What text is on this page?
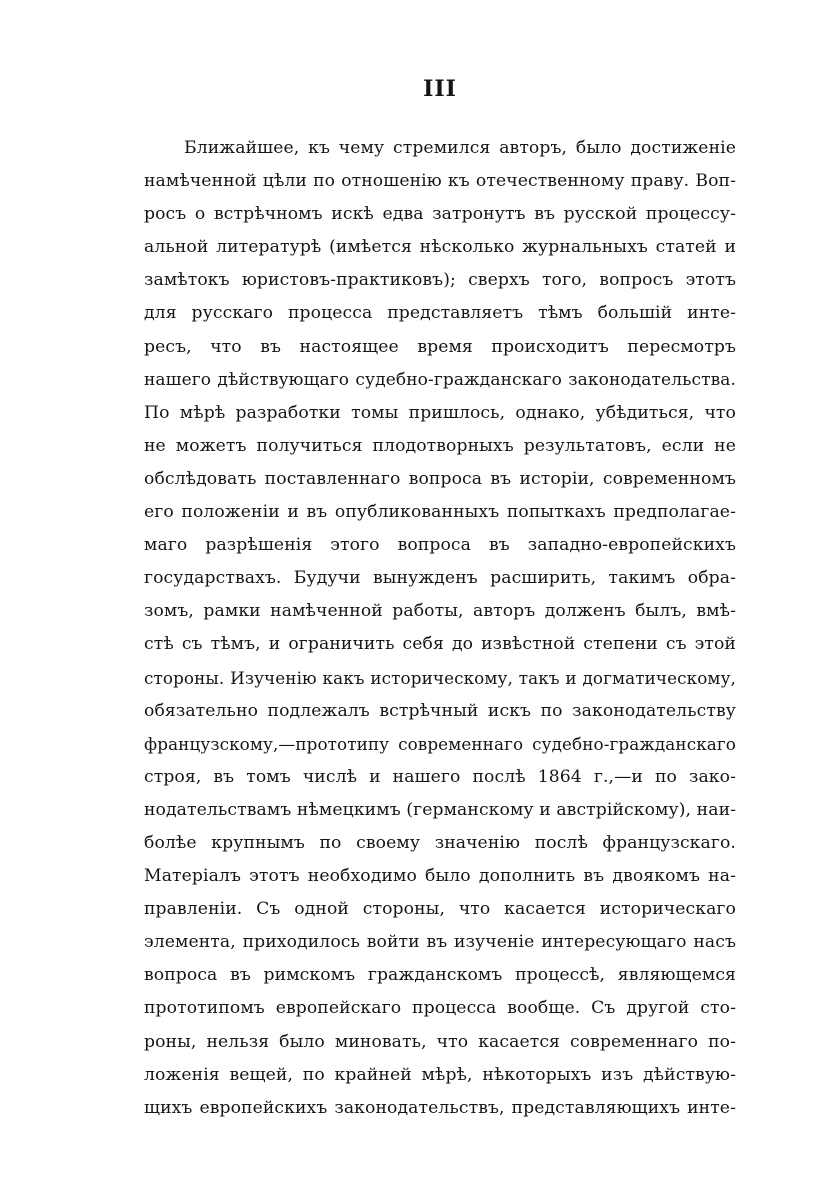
III
Ближайшее, къ чему стремился авторъ, было достиженіе
намѣченной цѣли по отношенію къ отечественному праву. Воп-
росъ о встрѣчномъ искѣ едва затронутъ въ русской процессу-
альной литературѣ (имѣется нѣсколько журнальныхъ статей и
замѣтокъ юристовъ-практиковъ); сверхъ того, вопросъ этотъ
для русскаго процесса представляетъ тѣмъ большій инте-
ресъ, что въ настоящее время происходитъ пересмотръ
нашего дѣйствующаго судебно-гражданскаго законодательства.
По мѣрѣ разработки томы пришлось, однако, убѣдиться, что
не можетъ получиться плодотворныхъ результатовъ, если не
обслѣдовать поставленнаго вопроса въ исторіи, современномъ
его положеніи и въ опубликованныхъ попыткахъ предполагае-
маго разрѣшенія этого вопроса въ западно-европейскихъ
государствахъ. Будучи вынужденъ расширить, такимъ обра-
зомъ, рамки намѣченной работы, авторъ долженъ былъ, вмѣ-
стѣ съ тѣмъ, и ограничить себя до извѣстной степени съ этой
стороны. Изученію какъ историческому, такъ и догматическому,
обязательно подлежалъ встрѣчный искъ по законодательству
французскому,—прототипу современнаго судебно-гражданскаго
строя, въ томъ числѣ и нашего послѣ 1864 г.,—и по зако-
нодательствамъ нѣмецкимъ (германскому и австрійскому), наи-
болѣе крупнымъ по своему значенію послѣ французскаго.
Матеріалъ этотъ необходимо было дополнить въ двоякомъ на-
правленіи. Съ одной стороны, что касается историческаго
элемента, приходилось войти въ изученіе интересующаго насъ
вопроса въ римскомъ гражданскомъ процессѣ, являющемся
прототипомъ европейскаго процесса вообще. Съ другой сто-
роны, нельзя было миновать, что касается современнаго по-
ложенія вещей, по крайней мѣрѣ, нѣкоторыхъ изъ дѣйствую-
щихъ европейскихъ законодательствъ, представляющихъ инте-
